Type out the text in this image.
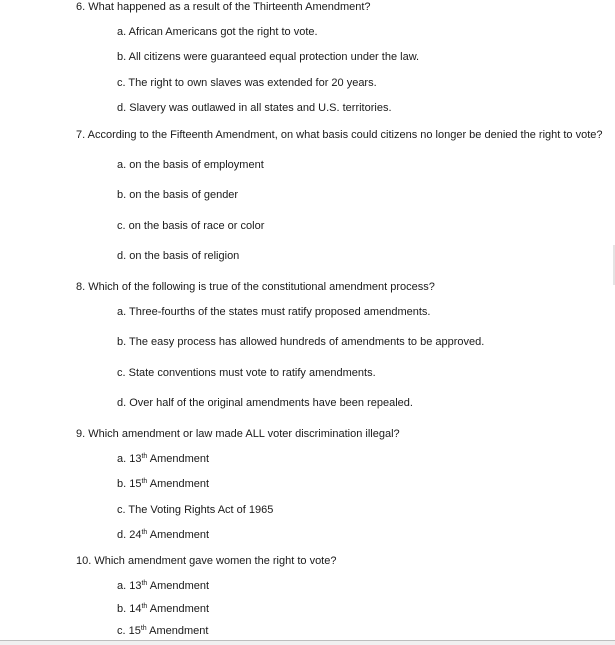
6. What happened as a result of the Thirteenth Amendment?
a. African Americans got the right to vote.
b. All citizens were guaranteed equal protection under the law.
c. The right to own slaves was extended for 20 years.
d. Slavery was outlawed in all states and U.S. territories.
7. According to the Fifteenth Amendment, on what basis could citizens no longer be denied the right to vote?
a. on the basis of employment
b. on the basis of gender
c. on the basis of race or color
d. on the basis of religion
8. Which of the following is true of the constitutional amendment process?
a. Three-fourths of the states must ratify proposed amendments.
b. The easy process has allowed hundreds of amendments to be approved.
c. State conventions must vote to ratify amendments.
d. Over half of the original amendments have been repealed.
9. Which amendment or law made ALL voter discrimination illegal?
a. 13th Amendment
b. 15th Amendment
c. The Voting Rights Act of 1965
d. 24th Amendment
10. Which amendment gave women the right to vote?
a. 13th Amendment
b. 14th Amendment
c. 15th Amendment
